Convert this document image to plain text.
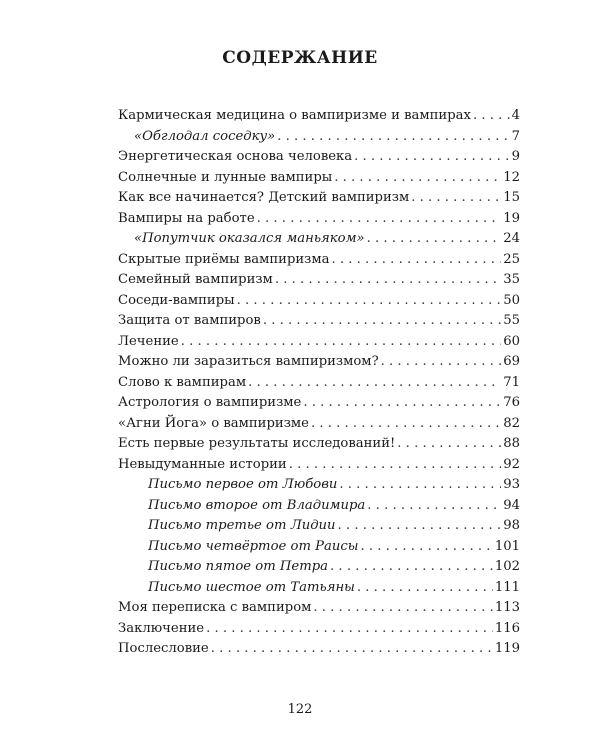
СОДЕРЖАНИЕ
Кармическая медицина о вампиризме и вампирах . . .	4
«Обглодал соседку» . . .	7
Энергетическая основа человека . . .	9
Солнечные и лунные вампиры . . .	12
Как все начинается? Детский вампиризм . . .	15
Вампиры на работе . . .	19
«Попутчик оказался маньяком» . . .	24
Скрытые приёмы вампиризма . . .	25
Семейный вампиризм . . .	35
Соседи-вампиры . . .	50
Защита от вампиров . . .	55
Лечение . . .	60
Можно ли заразиться вампиризмом? . . .	69
Слово к вампирам . . .	71
Астрология о вампиризме . . .	76
«Агни Йога» о вампиризме . . .	82
Есть первые результаты исследований! . . .	88
Невыдуманные истории . . .	92
Письмо первое от Любови . . .	93
Письмо второе от Владимира . . .	94
Письмо третье от Лидии . . .	98
Письмо четвёртое от Раисы . . .	101
Письмо пятое от Петра . . .	102
Письмо шестое от Татьяны . . .	111
Моя переписка с вампиром . . .	113
Заключение . . .	116
Послесловие . . .	119
122
